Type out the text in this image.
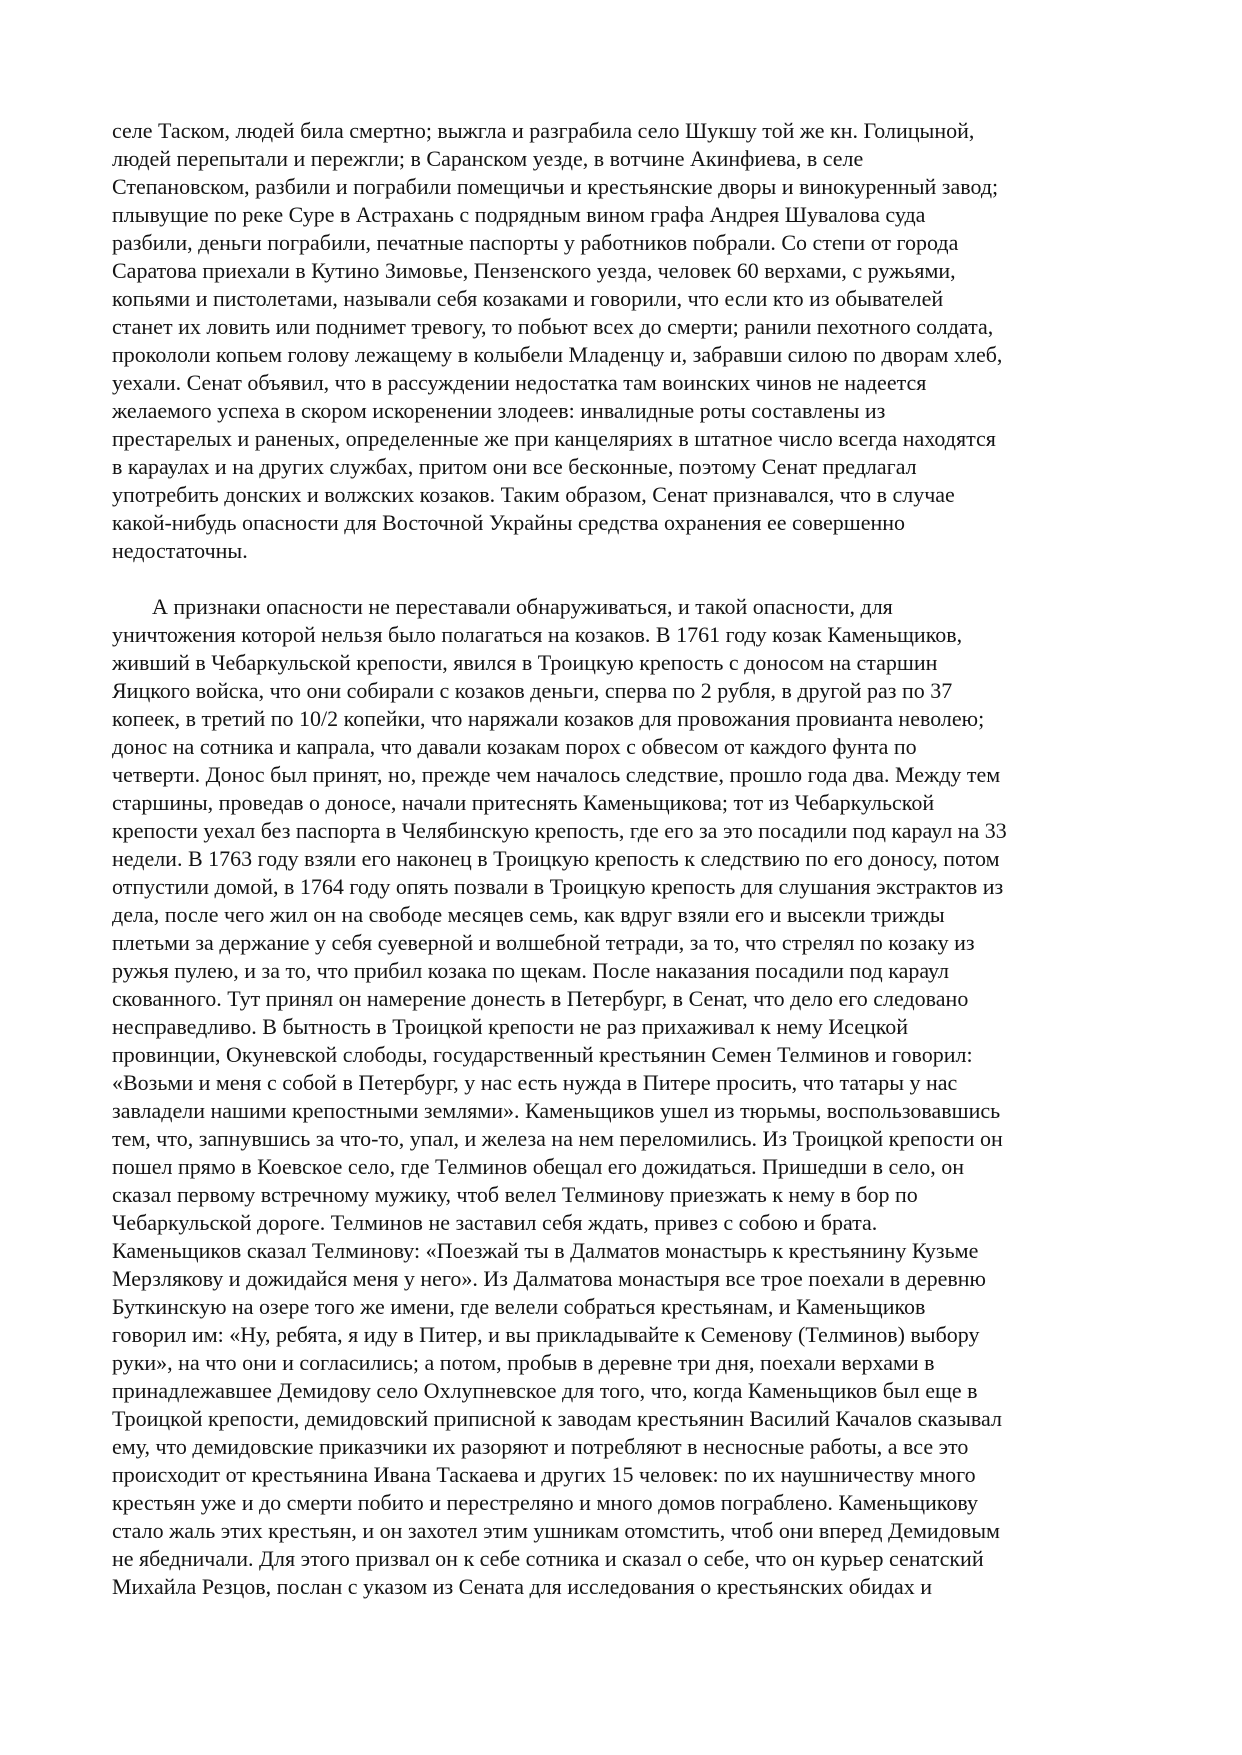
селе Таском, людей била смертно; выжгла и разграбила село Шукшу той же кн. Голицыной,
людей перепытали и пережгли; в Саранском уезде, в вотчине Акинфиева, в селе
Степановском, разбили и пограбили помещичьи и крестьянские дворы и винокуренный завод;
плывущие по реке Суре в Астрахань с подрядным вином графа Андрея Шувалова суда
разбили, деньги пограбили, печатные паспорты у работников побрали. Со степи от города
Саратова приехали в Кутино Зимовье, Пензенского уезда, человек 60 верхами, с ружьями,
копьями и пистолетами, называли себя козаками и говорили, что если кто из обывателей
станет их ловить или поднимет тревогу, то побьют всех до смерти; ранили пехотного солдата,
прокололи копьем голову лежащему в колыбели Младенцу и, забравши силою по дворам хлеб,
уехали. Сенат объявил, что в рассуждении недостатка там воинских чинов не надеется
желаемого успеха в скором искоренении злодеев: инвалидные роты составлены из
престарелых и раненых, определенные же при канцеляриях в штатное число всегда находятся
в караулах и на других службах, притом они все бесконные, поэтому Сенат предлагал
употребить донских и волжских козаков. Таким образом, Сенат признавался, что в случае
какой-нибудь опасности для Восточной Украйны средства охранения ее совершенно
недостаточны.
А признаки опасности не переставали обнаруживаться, и такой опасности, для
уничтожения которой нельзя было полагаться на козаков. В 1761 году козак Каменьщиков,
живший в Чебаркульской крепости, явился в Троицкую крепость с доносом на старшин
Яицкого войска, что они собирали с козаков деньги, сперва по 2 рубля, в другой раз по 37
копеек, в третий по 10/2 копейки, что наряжали козаков для провожания провианта неволею;
донос на сотника и капрала, что давали козакам порох с обвесом от каждого фунта по
четверти. Донос был принят, но, прежде чем началось следствие, прошло года два. Между тем
старшины, проведав о доносе, начали притеснять Каменьщикова; тот из Чебаркульской
крепости уехал без паспорта в Челябинскую крепость, где его за это посадили под караул на 33
недели. В 1763 году взяли его наконец в Троицкую крепость к следствию по его доносу, потом
отпустили домой, в 1764 году опять позвали в Троицкую крепость для слушания экстрактов из
дела, после чего жил он на свободе месяцев семь, как вдруг взяли его и высекли трижды
плетьми за держание у себя суеверной и волшебной тетради, за то, что стрелял по козаку из
ружья пулею, и за то, что прибил козака по щекам. После наказания посадили под караул
скованного. Тут принял он намерение донесть в Петербург, в Сенат, что дело его следовано
несправедливо. В бытность в Троицкой крепости не раз прихаживал к нему Исецкой
провинции, Окуневской слободы, государственный крестьянин Семен Телминов и говорил:
«Возьми и меня с собой в Петербург, у нас есть нужда в Питере просить, что татары у нас
завладели нашими крепостными землями». Каменьщиков ушел из тюрьмы, воспользовавшись
тем, что, запнувшись за что-то, упал, и железа на нем переломились. Из Троицкой крепости он
пошел прямо в Коевское село, где Телминов обещал его дожидаться. Пришедши в село, он
сказал первому встречному мужику, чтоб велел Телминову приезжать к нему в бор по
Чебаркульской дороге. Телминов не заставил себя ждать, привез с собою и брата.
Каменьщиков сказал Телминову: «Поезжай ты в Далматов монастырь к крестьянину Кузьме
Мерзлякову и дожидайся меня у него». Из Далматова монастыря все трое поехали в деревню
Буткинскую на озере того же имени, где велели собраться крестьянам, и Каменьщиков
говорил им: «Ну, ребята, я иду в Питер, и вы прикладывайте к Семенову (Телминов) выбору
руки», на что они и согласились; а потом, пробыв в деревне три дня, поехали верхами в
принадлежавшее Демидову село Охлупневское для того, что, когда Каменьщиков был еще в
Троицкой крепости, демидовский приписной к заводам крестьянин Василий Качалов сказывал
ему, что демидовские приказчики их разоряют и потребляют в несносные работы, а все это
происходит от крестьянина Ивана Таскаева и других 15 человек: по их наушничеству много
крестьян уже и до смерти побито и перестреляно и много домов пограблено. Каменьщикову
стало жаль этих крестьян, и он захотел этим ушникам отомстить, чтоб они вперед Демидовым
не ябедничали. Для этого призвал он к себе сотника и сказал о себе, что он курьер сенатский
Михайла Резцов, послан с указом из Сената для исследования о крестьянских обидах и
